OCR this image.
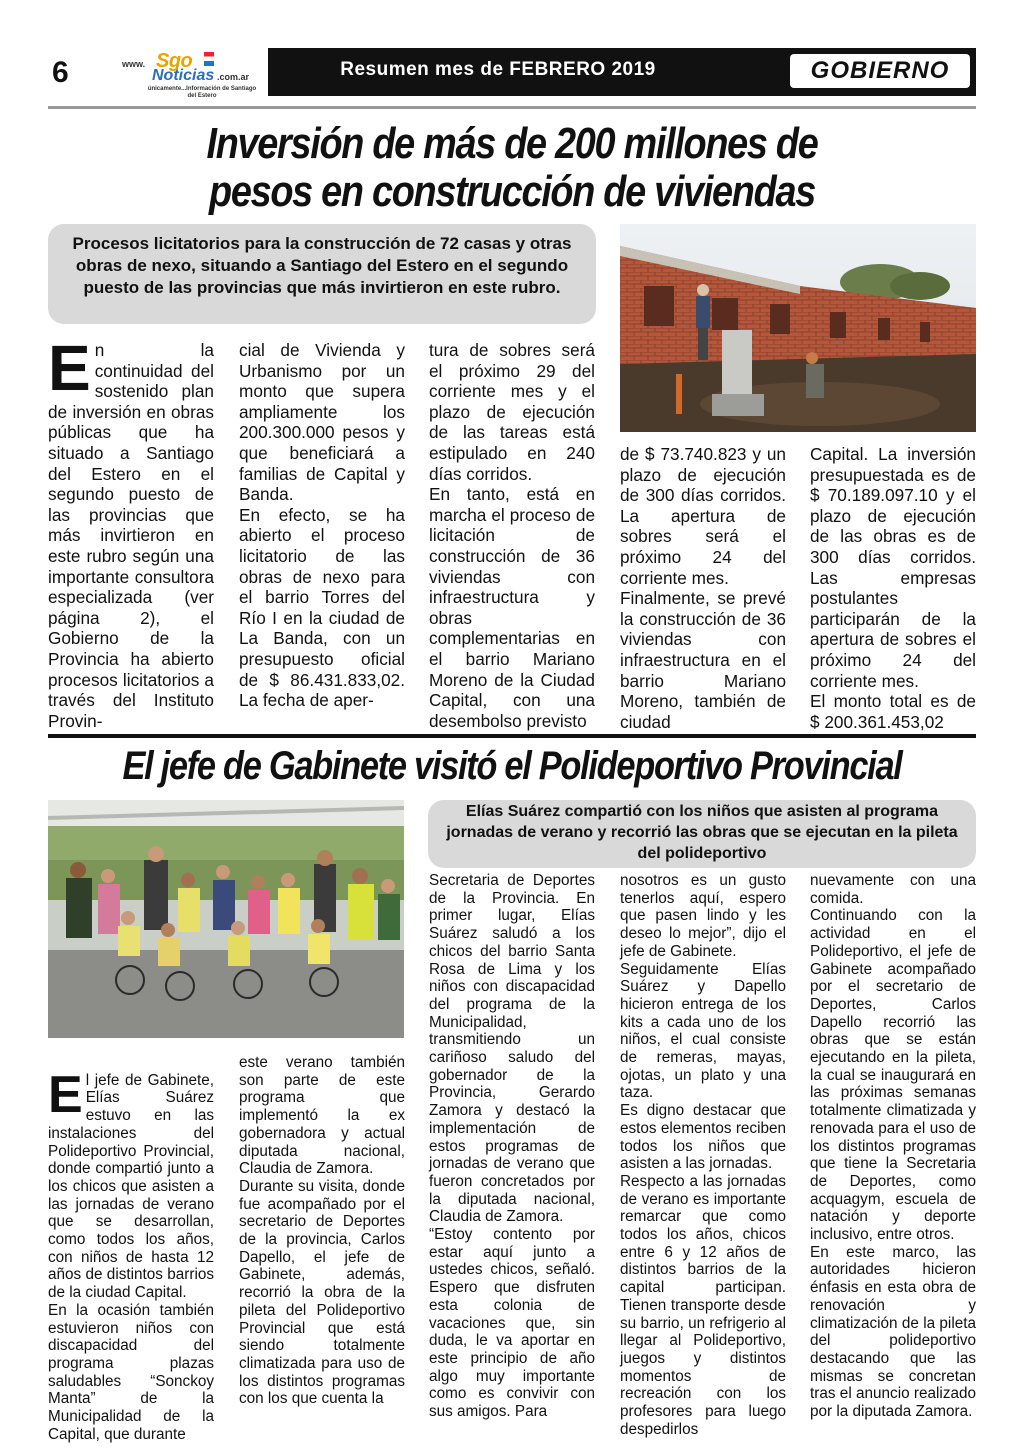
6	www. Sgo
Noticias .com.ar
únicamente...Información de Santiago del Estero
Resumen mes de FEBRERO 2019	GOBIERNO
Inversión de más de 200 millones de
pesos en construcción de viviendas
Procesos licitatorios para la construcción de 72 casas y otras obras de nexo, situando a Santiago del Estero en el segundo puesto de las provincias que más invirtieron en este rubro.
En la continuidad del sostenido plan de inversión en obras públicas que ha situado a Santiago del Estero en el segundo puesto de las provincias que más invirtieron en este rubro según una importante consultora especializada (ver página 2), el Gobierno de la Provincia ha abierto procesos licitatorios a través del Instituto Provin-
cial de Vivienda y Urbanismo por un monto que supera ampliamente los 200.300.000 pesos y que beneficiará a familias de Capital y Banda.
En efecto, se ha abierto el proceso licitatorio de las obras de nexo para el barrio Torres del Río I en la ciudad de La Banda, con un presupuesto oficial de $ 86.431.833,02. La fecha de aper-
tura de sobres será el próximo 29 del corriente mes y el plazo de ejecución de las tareas está estipulado en 240 días corridos.
En tanto, está en marcha el proceso de licitación de construcción de 36 viviendas con infraestructura y obras complementarias en el barrio Mariano Moreno de la Ciudad Capital, con una desembolso previsto
de $ 73.740.823 y un plazo de ejecución de 300 días corridos. La apertura de sobres será el próximo 24 del corriente mes.
Finalmente, se prevé la construcción de 36 viviendas con infraestructura en el barrio Mariano Moreno, también de ciudad
Capital. La inversión presupuestada es de $ 70.189.097.10 y el plazo de ejecución de las obras es de 300 días corridos. Las empresas postulantes participarán de la apertura de sobres el próximo 24 del corriente mes.
El monto total es de $ 200.361.453,02
El jefe de Gabinete visitó el Polideportivo Provincial
Elías Suárez compartió con los niños que asisten al programa jornadas de verano y recorrió las obras que se ejecutan en la pileta del polideportivo

El jefe de Gabinete, Elías Suárez estuvo en las instalaciones del Polideportivo Provincial, donde compartió junto a los chicos que asisten a las jornadas de verano que se desarrollan, como todos los años, con niños de hasta 12 años de distintos barrios de la ciudad Capital.
En la ocasión también estuvieron niños con discapacidad del programa plazas saludables “Sonckoy Manta” de la Municipalidad de la Capital, que durante

este verano también son parte de este programa que implementó la ex gobernadora y actual diputada nacional, Claudia de Zamora.
Durante su visita, donde fue acompañado por el secretario de Deportes de la provincia, Carlos Dapello, el jefe de Gabinete, además, recorrió la obra de la pileta del Polideportivo Provincial que está siendo totalmente climatizada para uso de los distintos programas con los que cuenta la
Secretaria de Deportes de la Provincia. En primer lugar, Elías Suárez saludó a los chicos del barrio Santa Rosa de Lima y los niños con discapacidad del programa de la Municipalidad, transmitiendo un cariñoso saludo del gobernador de la Provincia, Gerardo Zamora y destacó la implementación de estos programas de jornadas de verano que fueron concretados por la diputada nacional, Claudia de Zamora.
“Estoy contento por estar aquí junto a ustedes chicos, señaló. Espero que disfruten esta colonia de vacaciones que, sin duda, le va aportar en este principio de año algo muy importante como es convivir con sus amigos. Para
nosotros es un gusto tenerlos aquí, espero que pasen lindo y les deseo lo mejor”, dijo el jefe de Gabinete.
Seguidamente Elías Suárez y Dapello hicieron entrega de los kits a cada uno de los niños, el cual consiste de remeras, mayas, ojotas, un plato y una taza.
Es digno destacar que estos elementos reciben todos los niños que asisten a las jornadas.
Respecto a las jornadas de verano es importante remarcar que como todos los años, chicos entre 6 y 12 años de distintos barrios de la capital participan. Tienen transporte desde su barrio, un refrigerio al llegar al Polideportivo, juegos y distintos momentos de recreación con los profesores para luego despedirlos
nuevamente con una comida.
Continuando con la actividad en el Polideportivo, el jefe de Gabinete acompañado por el secretario de Deportes, Carlos Dapello recorrió las obras que se están ejecutando en la pileta, la cual se inaugurará en las próximas semanas totalmente climatizada y renovada para el uso de los distintos programas que tiene la Secretaria de Deportes, como acquagym, escuela de natación y deporte inclusivo, entre otros.
En este marco, las autoridades hicieron énfasis en esta obra de renovación y climatización de la pileta del polideportivo destacando que las mismas se concretan tras el anuncio realizado por la diputada Zamora.
